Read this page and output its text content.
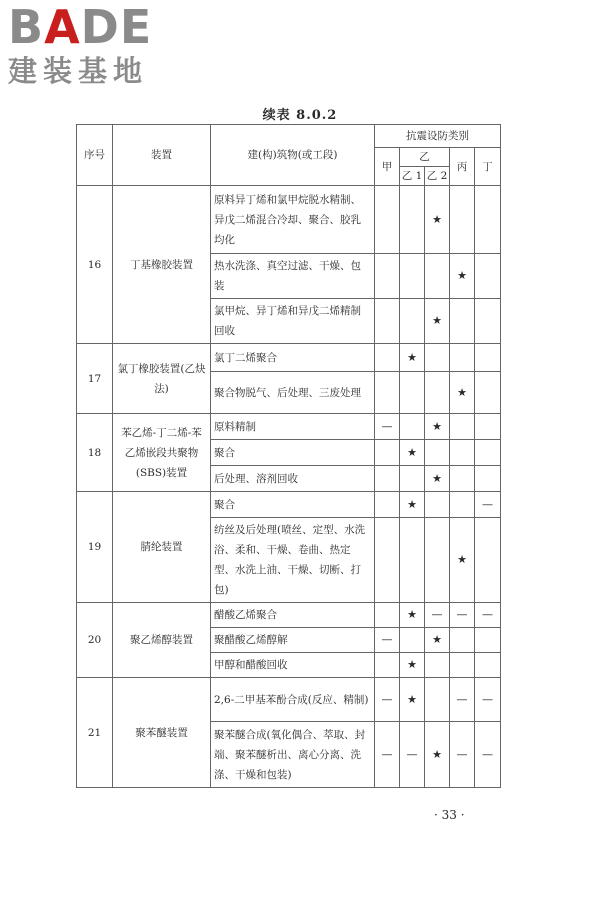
BADE
建装基地
续表 8.0.2
序号	装置	建(构)筑物(或工段)	抗震设防类别				
			甲	乙		丙	丁
				乙 1	乙 2		
16	丁基橡胶装置	原料异丁烯和氯甲烷脱水精制、异戊二烯混合冷却、聚合、胶乳均化			★		
		热水洗涤、真空过滤、干燥、包装				★	
		氯甲烷、异丁烯和异戊二烯精制回收			★		
17	氯丁橡胶装置(乙炔法)	氯丁二烯聚合		★			
		聚合物脱气、后处理、三废处理				★	
18	苯乙烯-丁二烯-苯乙烯嵌段共聚物(SBS)装置	原料精制	—		★		
		聚合		★			
		后处理、溶剂回收			★		
19	腈纶装置	聚合		★			—
		纺丝及后处理(喷丝、定型、水洗浴、柔和、干燥、卷曲、热定型、水洗上油、干燥、切断、打包)				★	
20	聚乙烯醇装置	醋酸乙烯聚合		★	—	—	—
		聚醋酸乙烯醇解	—		★		
		甲醇和醋酸回收		★			
21	聚苯醚装置	2,6-二甲基苯酚合成(反应、精制)	—	★		—	—
		聚苯醚合成(氧化偶合、萃取、封端、聚苯醚析出、离心分离、洗涤、干燥和包装)	—	—	★	—	—
· 33 ·
